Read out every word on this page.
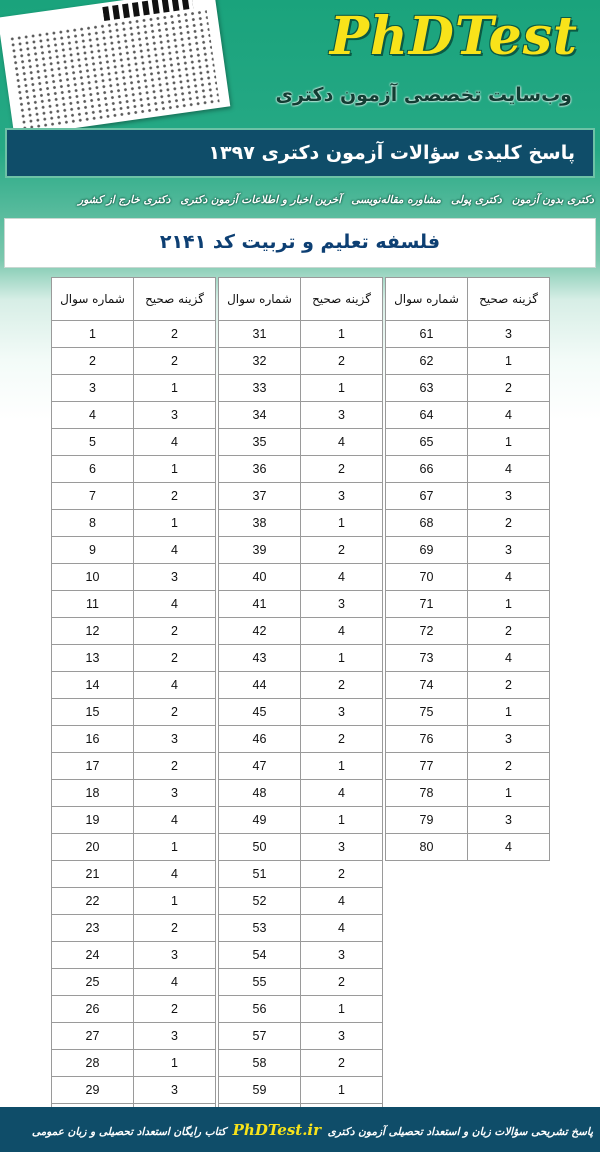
PhDTest
وب‌سایت تخصصی آزمون دکتری
پاسخ کلیدی سؤالات آزمون دکتری ۱۳۹۷
دکتری بدون آزمون
دکتری پولی
مشاوره مقاله‌نویسی
آخرین اخبار و اطلاعات آزمون دکتری
دکتری خارج از کشور
فلسفه تعلیم و تربیت کد ۲۱۴۱
شماره سوال	گزینه صحیح
1	2
2	2
3	1
4	3
5	4
6	1
7	2
8	1
9	4
10	3
11	4
12	2
13	2
14	4
15	2
16	3
17	2
18	3
19	4
20	1
21	4
22	1
23	2
24	3
25	4
26	2
27	3
28	1
29	3

شماره سوال	گزینه صحیح
31	1
32	2
33	1
34	3
35	4
36	2
37	3
38	1
39	2
40	4
41	3
42	4
43	1
44	2
45	3
46	2
47	1
48	4
49	1
50	3
51	2
52	4
53	4
54	3
55	2
56	1
57	3
58	2
59	1

شماره سوال	گزینه صحیح
61	3
62	1
63	2
64	4
65	1
66	4
67	3
68	2
69	3
70	4
71	1
72	2
73	4
74	2
75	1
76	3
77	2
78	1
79	3
80	4
پاسخ تشریحی سؤالات زبان و استعداد تحصیلی آزمون دکتری PhDTest.ir کتاب رایگان استعداد تحصیلی و زبان عمومی
